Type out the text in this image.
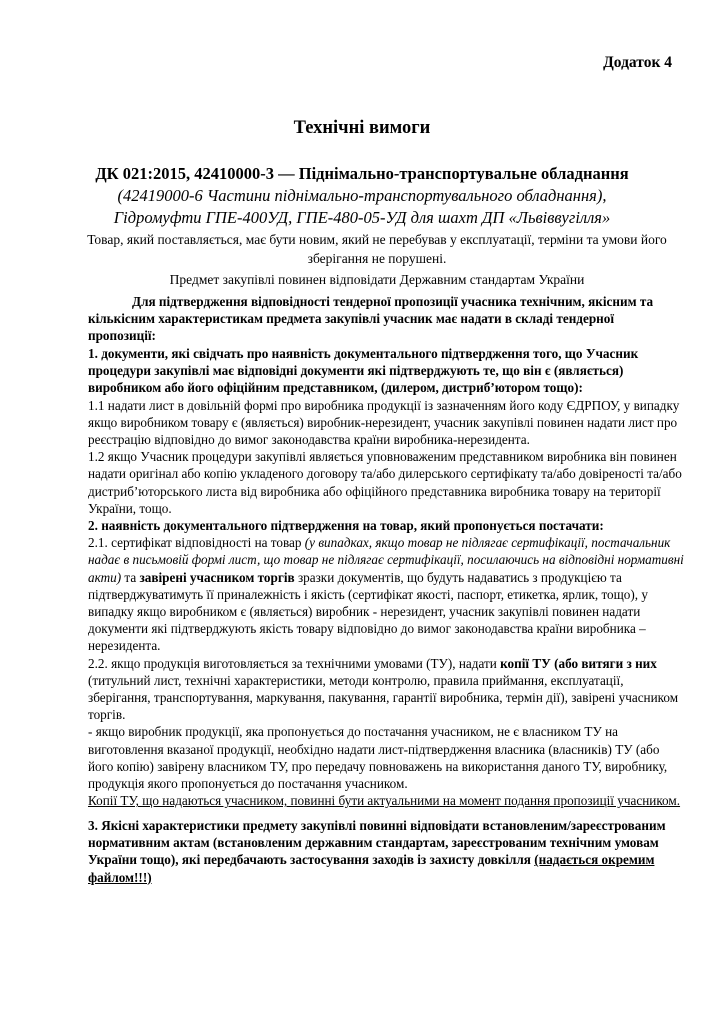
Додаток 4
Технічні вимоги
ДК 021:2015, 42410000-3 — Піднімально-транспортувальне обладнання
(42419000-6 Частини піднімально-транспортувального обладнання),
Гідромуфти ГПЕ-400УД, ГПЕ-480-05-УД для шахт ДП «Львіввугілля»
Товар, який поставляється, має бути новим, який не перебував у експлуатації, терміни та умови його зберігання не порушені.
Предмет закупівлі повинен відповідати Державним стандартам України
Для підтвердження відповідності тендерної пропозиції учасника технічним, якісним та кількісним характеристикам предмета закупівлі учасник має надати в складі тендерної пропозиції:

1. документи, які свідчать про наявність документального підтвердження того, що Учасник процедури закупівлі має відповідні документи які підтверджують те, що він є (являється) виробником або його офіційним представником, (дилером, дистриб’ютором тощо):

1.1 надати лист в довільній формі про виробника продукції із зазначенням його коду ЄДРПОУ, у випадку якщо виробником товару є (являється) виробник-нерезидент, учасник закупівлі повинен надати лист про реєстрацію відповідно до вимог законодавства країни виробника-нерезидента.

1.2 якщо Учасник процедури закупівлі являється уповноваженим представником виробника він повинен надати оригінал або копію укладеного договору та/або дилерського сертифікату та/або довіреності та/або дистриб’юторського листа від виробника або офіційного представника виробника товару на території України, тощо.

2. наявність документального підтвердження на товар, який пропонується постачати:

2.1. сертифікат відповідності на товар (у випадках, якщо товар не підлягає сертифікації, постачальник надає в письмовій формі лист, що товар не підлягає сертифікації, посилаючись на відповідні нормативні акти) та завірені учасником торгів зразки документів, що будуть надаватись з продукцією та підтверджуватимуть її приналежність і якість (сертифікат якості, паспорт, етикетка, ярлик, тощо), у випадку якщо виробником є (являється) виробник - нерезидент, учасник закупівлі повинен надати документи які підтверджують якість товару відповідно до вимог законодавства країни виробника – нерезидента.

2.2. якщо продукція виготовляється за технічними умовами (ТУ), надати копії ТУ (або витяги з них (титульний лист, технічні характеристики, методи контролю, правила приймання, експлуатації, зберігання, транспортування, маркування, пакування, гарантії виробника, термін дії), завірені учасником торгів.

- якщо виробник продукції, яка пропонується до постачання учасником, не є власником ТУ на виготовлення вказаної продукції, необхідно надати лист-підтвердження власника (власників) ТУ (або його копію) завірену власником ТУ, про передачу повноважень на використання даного ТУ, виробнику, продукція якого пропонується до постачання учасником.

Копії ТУ, що надаються учасником, повинні бути актуальними на момент подання пропозиції учасником.

3. Якісні характеристики предмету закупівлі повинні відповідати встановленим/зареєстрованим нормативним актам (встановленим державним стандартам, зареєстрованим технічним умовам України тощо), які передбачають застосування заходів із захисту довкілля (надається окремим файлом!!!)
